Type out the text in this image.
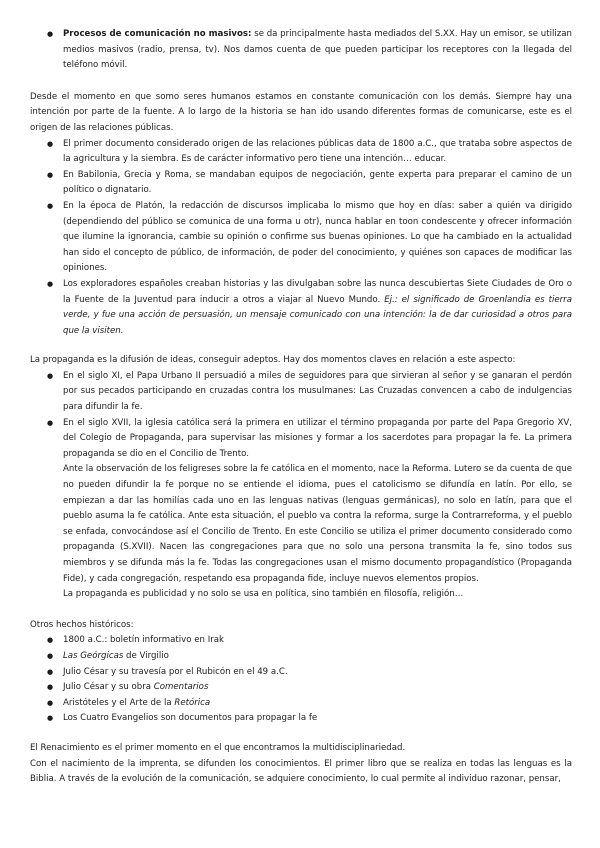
● Procesos de comunicación no masivos: se da principalmente hasta mediados del S.XX. Hay un emisor, se utilizan medios masivos (radio, prensa, tv). Nos damos cuenta de que pueden participar los receptores con la llegada del teléfono móvil.

Desde el momento en que somo seres humanos estamos en constante comunicación con los demás. Siempre hay una intención por parte de la fuente. A lo largo de la historia se han ido usando diferentes formas de comunicarse, este es el origen de las relaciones públicas.

● El primer documento considerado origen de las relaciones públicas data de 1800 a.C., que trataba sobre aspectos de la agricultura y la siembra. Es de carácter informativo pero tiene una intención… educar.
● En Babilonia, Grecia y Roma, se mandaban equipos de negociación, gente experta para preparar el camino de un político o dignatario.
● En la época de Platón, la redacción de discursos implicaba lo mismo que hoy en días: saber a quién va dirigido (dependiendo del público se comunica de una forma u otr), nunca hablar en toon condescente y ofrecer información que ilumine la ignorancia, cambie su opinión o confirme sus buenas opiniones. Lo que ha cambiado en la actualidad han sido el concepto de público, de información, de poder del conocimiento, y quiénes son capaces de modificar las opiniones.
● Los exploradores españoles creaban historias y las divulgaban sobre las nunca descubiertas Siete Ciudades de Oro o la Fuente de la Juventud para inducir a otros a viajar al Nuevo Mundo. Ej.: el significado de Groenlandia es tierra verde, y fue una acción de persuasión, un mensaje comunicado con una intención: la de dar curiosidad a otros para que la visiten.

La propaganda es la difusión de ideas, conseguir adeptos. Hay dos momentos claves en relación a este aspecto:

● En el siglo XI, el Papa Urbano II persuadió a miles de seguidores para que sirvieran al señor y se ganaran el perdón por sus pecados participando en cruzadas contra los musulmanes: Las Cruzadas convencen a cabo de indulgencias para difundir la fe.
● En el siglo XVII, la iglesia católica será la primera en utilizar el término propaganda por parte del Papa Gregorio XV, del Colegio de Propaganda, para supervisar las misiones y formar a los sacerdotes para propagar la fe. La primera propaganda se dio en el Concilio de Trento.

Ante la observación de los feligreses sobre la fe católica en el momento, nace la Reforma. Lutero se da cuenta de que no pueden difundir la fe porque no se entiende el idioma, pues el catolicismo se difundía en latín. Por ello, se empiezan a dar las homilías cada uno en las lenguas nativas (lenguas germánicas), no solo en latín, para que el pueblo asuma la fe católica. Ante esta situación, el pueblo va contra la reforma, surge la Contrarreforma, y el pueblo se enfada, convocándose así el Concilio de Trento. En este Concilio se utiliza el primer documento considerado como propaganda (S.XVII). Nacen las congregaciones para que no solo una persona transmita la fe, sino todos sus miembros y se difunda más la fe. Todas las congregaciones usan el mismo documento propagandístico (Propaganda Fide), y cada congregación, respetando esa propaganda fide, incluye nuevos elementos propios.

La propaganda es publicidad y no solo se usa en política, sino también en filosofía, religión…

Otros hechos históricos:

● 1800 a.C.: boletín informativo en Irak
● Las Geórgicas de Virgilio
● Julio César y su travesía por el Rubicón en el 49 a.C.
● Julio César y su obra Comentarios
● Aristóteles y el Arte de la Retórica
● Los Cuatro Evangelios son documentos para propagar la fe

El Renacimiento es el primer momento en el que encontramos la multidisciplinariedad.

Con el nacimiento de la imprenta, se difunden los conocimientos. El primer libro que se realiza en todas las lenguas es la Biblia. A través de la evolución de la comunicación, se adquiere conocimiento, lo cual permite al individuo razonar, pensar,
